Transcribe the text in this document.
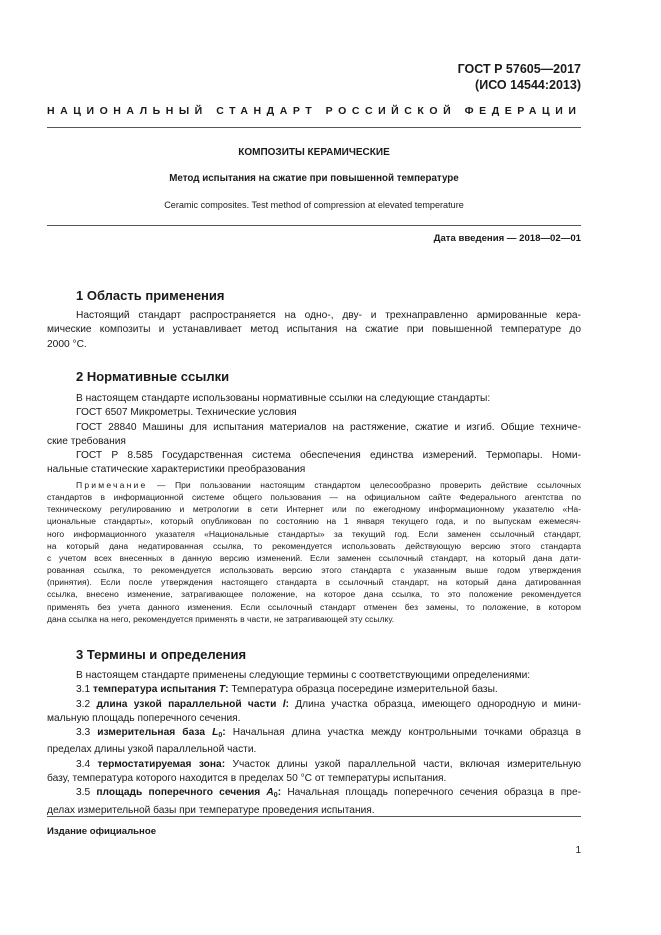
ГОСТ Р 57605—2017
(ИСО 14544:2013)
НАЦИОНАЛЬНЫЙ СТАНДАРТ РОССИЙСКОЙ ФЕДЕРАЦИИ
КОМПОЗИТЫ КЕРАМИЧЕСКИЕ
Метод испытания на сжатие при повышенной температуре
Ceramic composites. Test method of compression at elevated temperature
Дата введения — 2018—02—01
1 Область применения
Настоящий стандарт распространяется на одно-, дву- и трехнаправленно армированные кера-
мические композиты и устанавливает метод испытания на сжатие при повышенной температуре до
2000 °С.
2 Нормативные ссылки
В настоящем стандарте использованы нормативные ссылки на следующие стандарты:
ГОСТ 6507 Микрометры. Технические условия
ГОСТ 28840 Машины для испытания материалов на растяжение, сжатие и изгиб. Общие техниче-
ские требования
ГОСТ Р 8.585 Государственная система обеспечения единства измерений. Термопары. Номи-
нальные статические характеристики преобразования
Примечание — При пользовании настоящим стандартом целесообразно проверить действие ссылочных
стандартов в информационной системе общего пользования — на официальном сайте Федерального агентства по
техническому регулированию и метрологии в сети Интернет или по ежегодному информационному указателю «На-
циональные стандарты», который опубликован по состоянию на 1 января текущего года, и по выпускам ежемесяч-
ного информационного указателя «Национальные стандарты» за текущий год. Если заменен ссылочный стандарт,
на который дана недатированная ссылка, то рекомендуется использовать действующую версию этого стандарта
с учетом всех внесенных в данную версию изменений. Если заменен ссылочный стандарт, на который дана дати-
рованная ссылка, то рекомендуется использовать версию этого стандарта с указанным выше годом утверждения
(принятия). Если после утверждения настоящего стандарта в ссылочный стандарт, на который дана датированная
ссылка, внесено изменение, затрагивающее положение, на которое дана ссылка, то это положение рекомендуется
применять без учета данного изменения. Если ссылочный стандарт отменен без замены, то положение, в котором
дана ссылка на него, рекомендуется применять в части, не затрагивающей эту ссылку.
3 Термины и определения
В настоящем стандарте применены следующие термины с соответствующими определениями:
3.1 температура испытания T: Температура образца посередине измерительной базы.
3.2 длина узкой параллельной части l: Длина участка образца, имеющего однородную и мини-
мальную площадь поперечного сечения.
3.3 измерительная база $L_0$: Начальная длина участка между контрольными точками образца в
пределах длины узкой параллельной части.
3.4 термостатируемая зона: Участок длины узкой параллельной части, включая измерительную
базу, температура которого находится в пределах 50 °С от температуры испытания.
3.5 площадь поперечного сечения $A_0$: Начальная площадь поперечного сечения образца в пре-
делах измерительной базы при температуре проведения испытания.
Издание официальное
1
